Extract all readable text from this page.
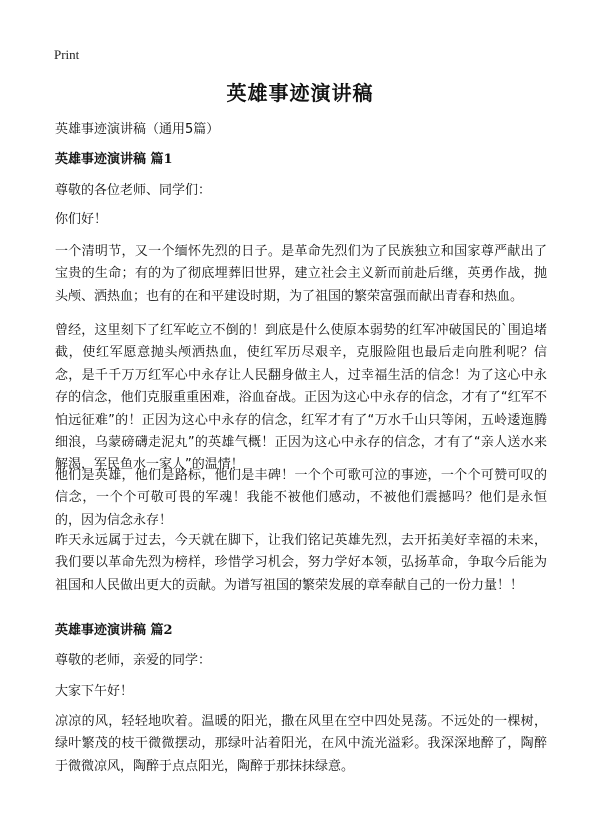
Print
英雄事迹演讲稿
英雄事迹演讲稿（通用5篇）
英雄事迹演讲稿 篇1
尊敬的各位老师、同学们：
你们好！
一个清明节，又一个缅怀先烈的日子。是革命先烈们为了民族独立和国家尊严献出了宝贵的生命；有的为了彻底埋葬旧世界，建立社会主义新而前赴后继，英勇作战，抛头颅、洒热血；也有的在和平建设时期，为了祖国的繁荣富强而献出青春和热血。
曾经，这里刻下了红军屹立不倒的！到底是什么使原本弱势的红军冲破国民的`围追堵截，使红军愿意抛头颅洒热血，使红军历尽艰辛，克服险阻也最后走向胜利呢？信念，是千千万万红军心中永存让人民翻身做主人，过幸福生活的信念！为了这心中永存的信念，他们克服重重困难，浴血奋战。正因为这心中永存的信念，才有了“红军不怕远征难”的！正因为这心中永存的信念，红军才有了“万水千山只等闲，五岭逶迤腾细浪，乌蒙磅礴走泥丸”的英雄气概！正因为这心中永存的信念，才有了“亲人送水来解渴，军民鱼水一家人”的温情！
他们是英雄，他们是路标，他们是丰碑！一个个可歌可泣的事迹，一个个可赞可叹的信念，一个个可敬可畏的军魂！我能不被他们感动，不被他们震撼吗？他们是永恒的，因为信念永存！
昨天永远属于过去，今天就在脚下，让我们铭记英雄先烈，去开拓美好幸福的未来，我们要以革命先烈为榜样，珍惜学习机会，努力学好本领，弘扬革命，争取今后能为祖国和人民做出更大的贡献。为谱写祖国的繁荣发展的章奉献自己的一份力量！！
英雄事迹演讲稿 篇2
尊敬的老师，亲爱的同学：
大家下午好！
凉凉的风，轻轻地吹着。温暖的阳光，撒在风里在空中四处晃荡。不远处的一棵树，绿叶繁茂的枝干微微摆动，那绿叶沾着阳光，在风中流光溢彩。我深深地醉了，陶醉于微微凉风，陶醉于点点阳光，陶醉于那抹抹绿意。
